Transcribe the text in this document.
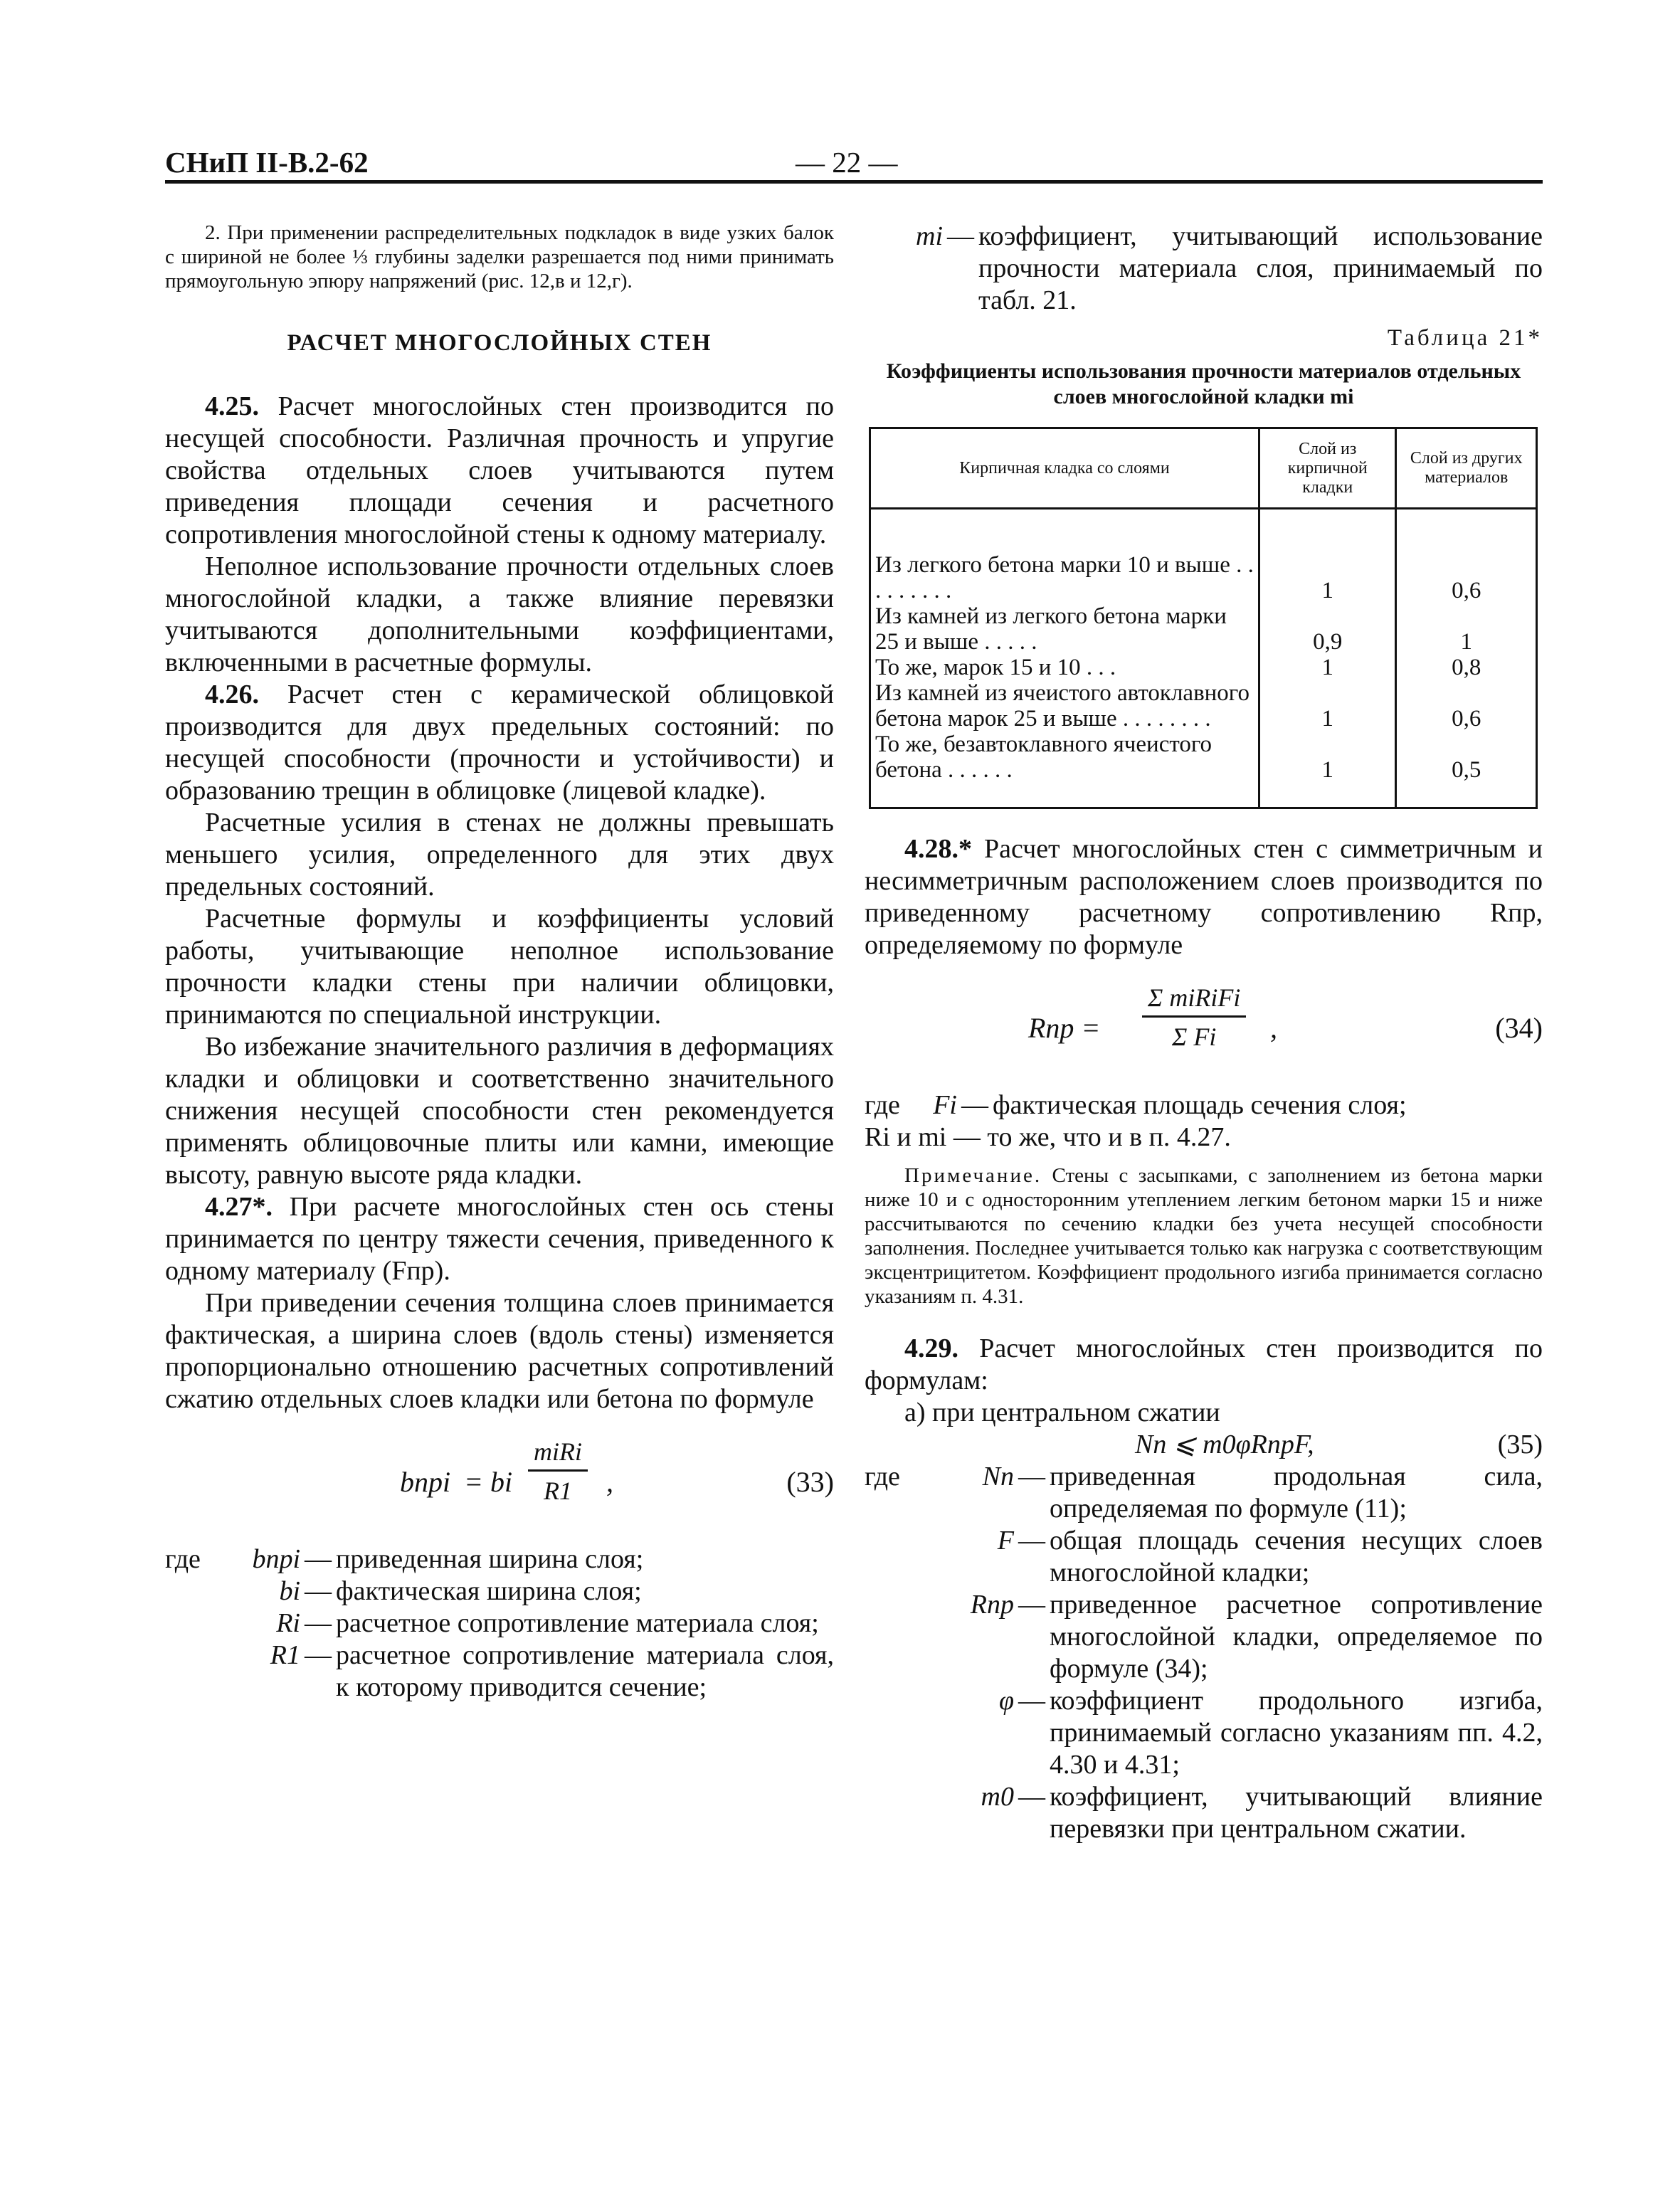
СНиП II-В.2-62	— 22 —

2. При применении распределительных подкладок в виде узких балок с шириной не более ⅓ глубины заделки разрешается под ними принимать прямоугольную эпюру напряжений (рис. 12,в и 12,г).

РАСЧЕТ МНОГОСЛОЙНЫХ СТЕН

4.25. Расчет многослойных стен производится по несущей способности. Различная прочность и упругие свойства отдельных слоев учитываются путем приведения площади сечения и расчетного сопротивления многослойной стены к одному материалу.

Неполное использование прочности отдельных слоев многослойной кладки, а также влияние перевязки учитываются дополнительными коэффициентами, включенными в расчетные формулы.

4.26. Расчет стен с керамической облицовкой производится для двух предельных состояний: по несущей способности (прочности и устойчивости) и образованию трещин в облицовке (лицевой кладке).

Расчетные усилия в стенах не должны превышать меньшего усилия, определенного для этих двух предельных состояний.

Расчетные формулы и коэффициенты условий работы, учитывающие неполное использование прочности кладки стены при наличии облицовки, принимаются по специальной инструкции.

Во избежание значительного различия в деформациях кладки и облицовки и соответственно значительного снижения несущей способности стен рекомендуется применять облицовочные плиты или камни, имеющие высоту, равную высоте ряда кладки.

4.27*. При расчете многослойных стен ось стены принимается по центру тяжести сечения, приведенного к одному материалу (Fпр).

При приведении сечения толщина слоев принимается фактическая, а ширина слоев (вдоль стены) изменяется пропорционально отношению расчетных сопротивлений сжатию отдельных слоев кладки или бетона по формуле

bпрi = bi
miRi
R1	,	(33)
где	bпрi — приведенная ширина слоя;
bi — фактическая ширина слоя;
Ri — расчетное сопротивление материала слоя;
R1 — расчетное сопротивление материала слоя, к которому приводится сечение;
mi — коэффициент, учитывающий использование прочности материала слоя, принимаемый по табл. 21.
Таблица 21*
Коэффициенты использования прочности материалов отдельных слоев многослойной кладки mi
Кирпичная кладка со слоями	Слой из кирпичной кладки	Слой из других материалов
Из легкого бетона марки 10 и выше . . . . . . . . .	1	0,6
Из камней из легкого бетона марки 25 и выше . . . . .	0,9	1
То же, марок 15 и 10 . . .	1	0,8
Из камней из ячеистого автоклавного бетона марок 25 и выше . . . . . . . .	1	0,6
То же, безавтоклавного ячеистого бетона . . . . . .	1	0,5

4.28.* Расчет многослойных стен с симметричным и несимметричным расположением слоев производится по приведенному расчетному сопротивлению Rпр, определяемому по формуле

Rпр =
Σ miRiFi
Σ Fi	,	(34)
где	Fi — фактическая площадь сечения слоя;

Ri и mi — то же, что и в п. 4.27.

Примечание. Стены с засыпками, с заполнением из бетона марки ниже 10 и с односторонним утеплением легким бетоном марки 15 и ниже рассчитываются по сечению кладки без учета несущей способности заполнения. Последнее учитывается только как нагрузка с соответствующим эксцентрицитетом. Коэффициент продольного изгиба принимается согласно указаниям п. 4.31.

4.29. Расчет многослойных стен производится по формулам:

а) при центральном сжатии

Nп ⩽ m0φRпрF,	(35)
где	Nп — приведенная продольная сила, определяемая по формуле (11);
F — общая площадь сечения несущих слоев многослойной кладки;
Rпр — приведенное расчетное сопротивление многослойной кладки, определяемое по формуле (34);
φ — коэффициент продольного изгиба, принимаемый согласно указаниям пп. 4.2, 4.30 и 4.31;
m0 — коэффициент, учитывающий влияние перевязки при центральном сжатии.
